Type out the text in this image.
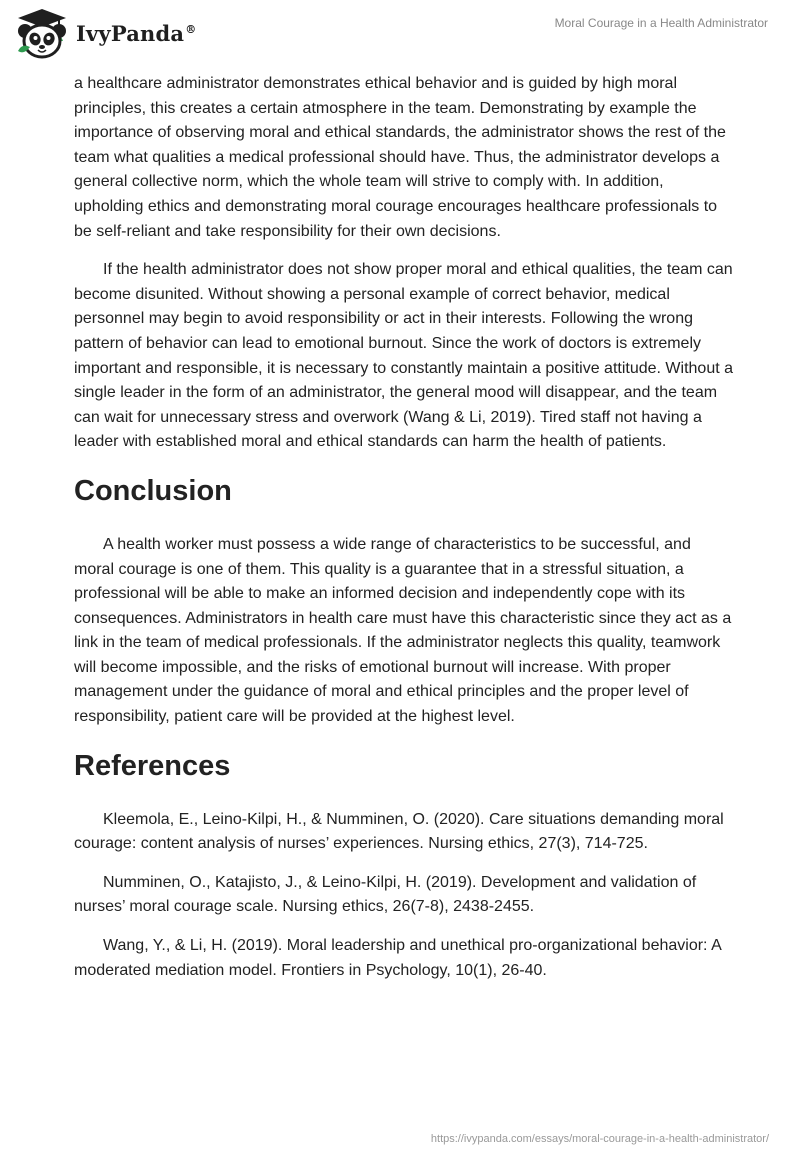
IvyPanda®	Moral Courage in a Health Administrator

a healthcare administrator demonstrates ethical behavior and is guided by high moral principles, this creates a certain atmosphere in the team. Demonstrating by example the importance of observing moral and ethical standards, the administrator shows the rest of the team what qualities a medical professional should have. Thus, the administrator develops a general collective norm, which the whole team will strive to comply with. In addition, upholding ethics and demonstrating moral courage encourages healthcare professionals to be self-reliant and take responsibility for their own decisions.

If the health administrator does not show proper moral and ethical qualities, the team can become disunited. Without showing a personal example of correct behavior, medical personnel may begin to avoid responsibility or act in their interests. Following the wrong pattern of behavior can lead to emotional burnout. Since the work of doctors is extremely important and responsible, it is necessary to constantly maintain a positive attitude. Without a single leader in the form of an administrator, the general mood will disappear, and the team can wait for unnecessary stress and overwork (Wang & Li, 2019). Tired staff not having a leader with established moral and ethical standards can harm the health of patients.

Conclusion

A health worker must possess a wide range of characteristics to be successful, and moral courage is one of them. This quality is a guarantee that in a stressful situation, a professional will be able to make an informed decision and independently cope with its consequences. Administrators in health care must have this characteristic since they act as a link in the team of medical professionals. If the administrator neglects this quality, teamwork will become impossible, and the risks of emotional burnout will increase. With proper management under the guidance of moral and ethical principles and the proper level of responsibility, patient care will be provided at the highest level.

References

Kleemola, E., Leino-Kilpi, H., & Numminen, O. (2020). Care situations demanding moral courage: content analysis of nurses’ experiences. Nursing ethics, 27(3), 714-725.

Numminen, O., Katajisto, J., & Leino-Kilpi, H. (2019). Development and validation of nurses’ moral courage scale. Nursing ethics, 26(7-8), 2438-2455.

Wang, Y., & Li, H. (2019). Moral leadership and unethical pro-organizational behavior: A moderated mediation model. Frontiers in Psychology, 10(1), 26-40.

https://ivypanda.com/essays/moral-courage-in-a-health-administrator/
